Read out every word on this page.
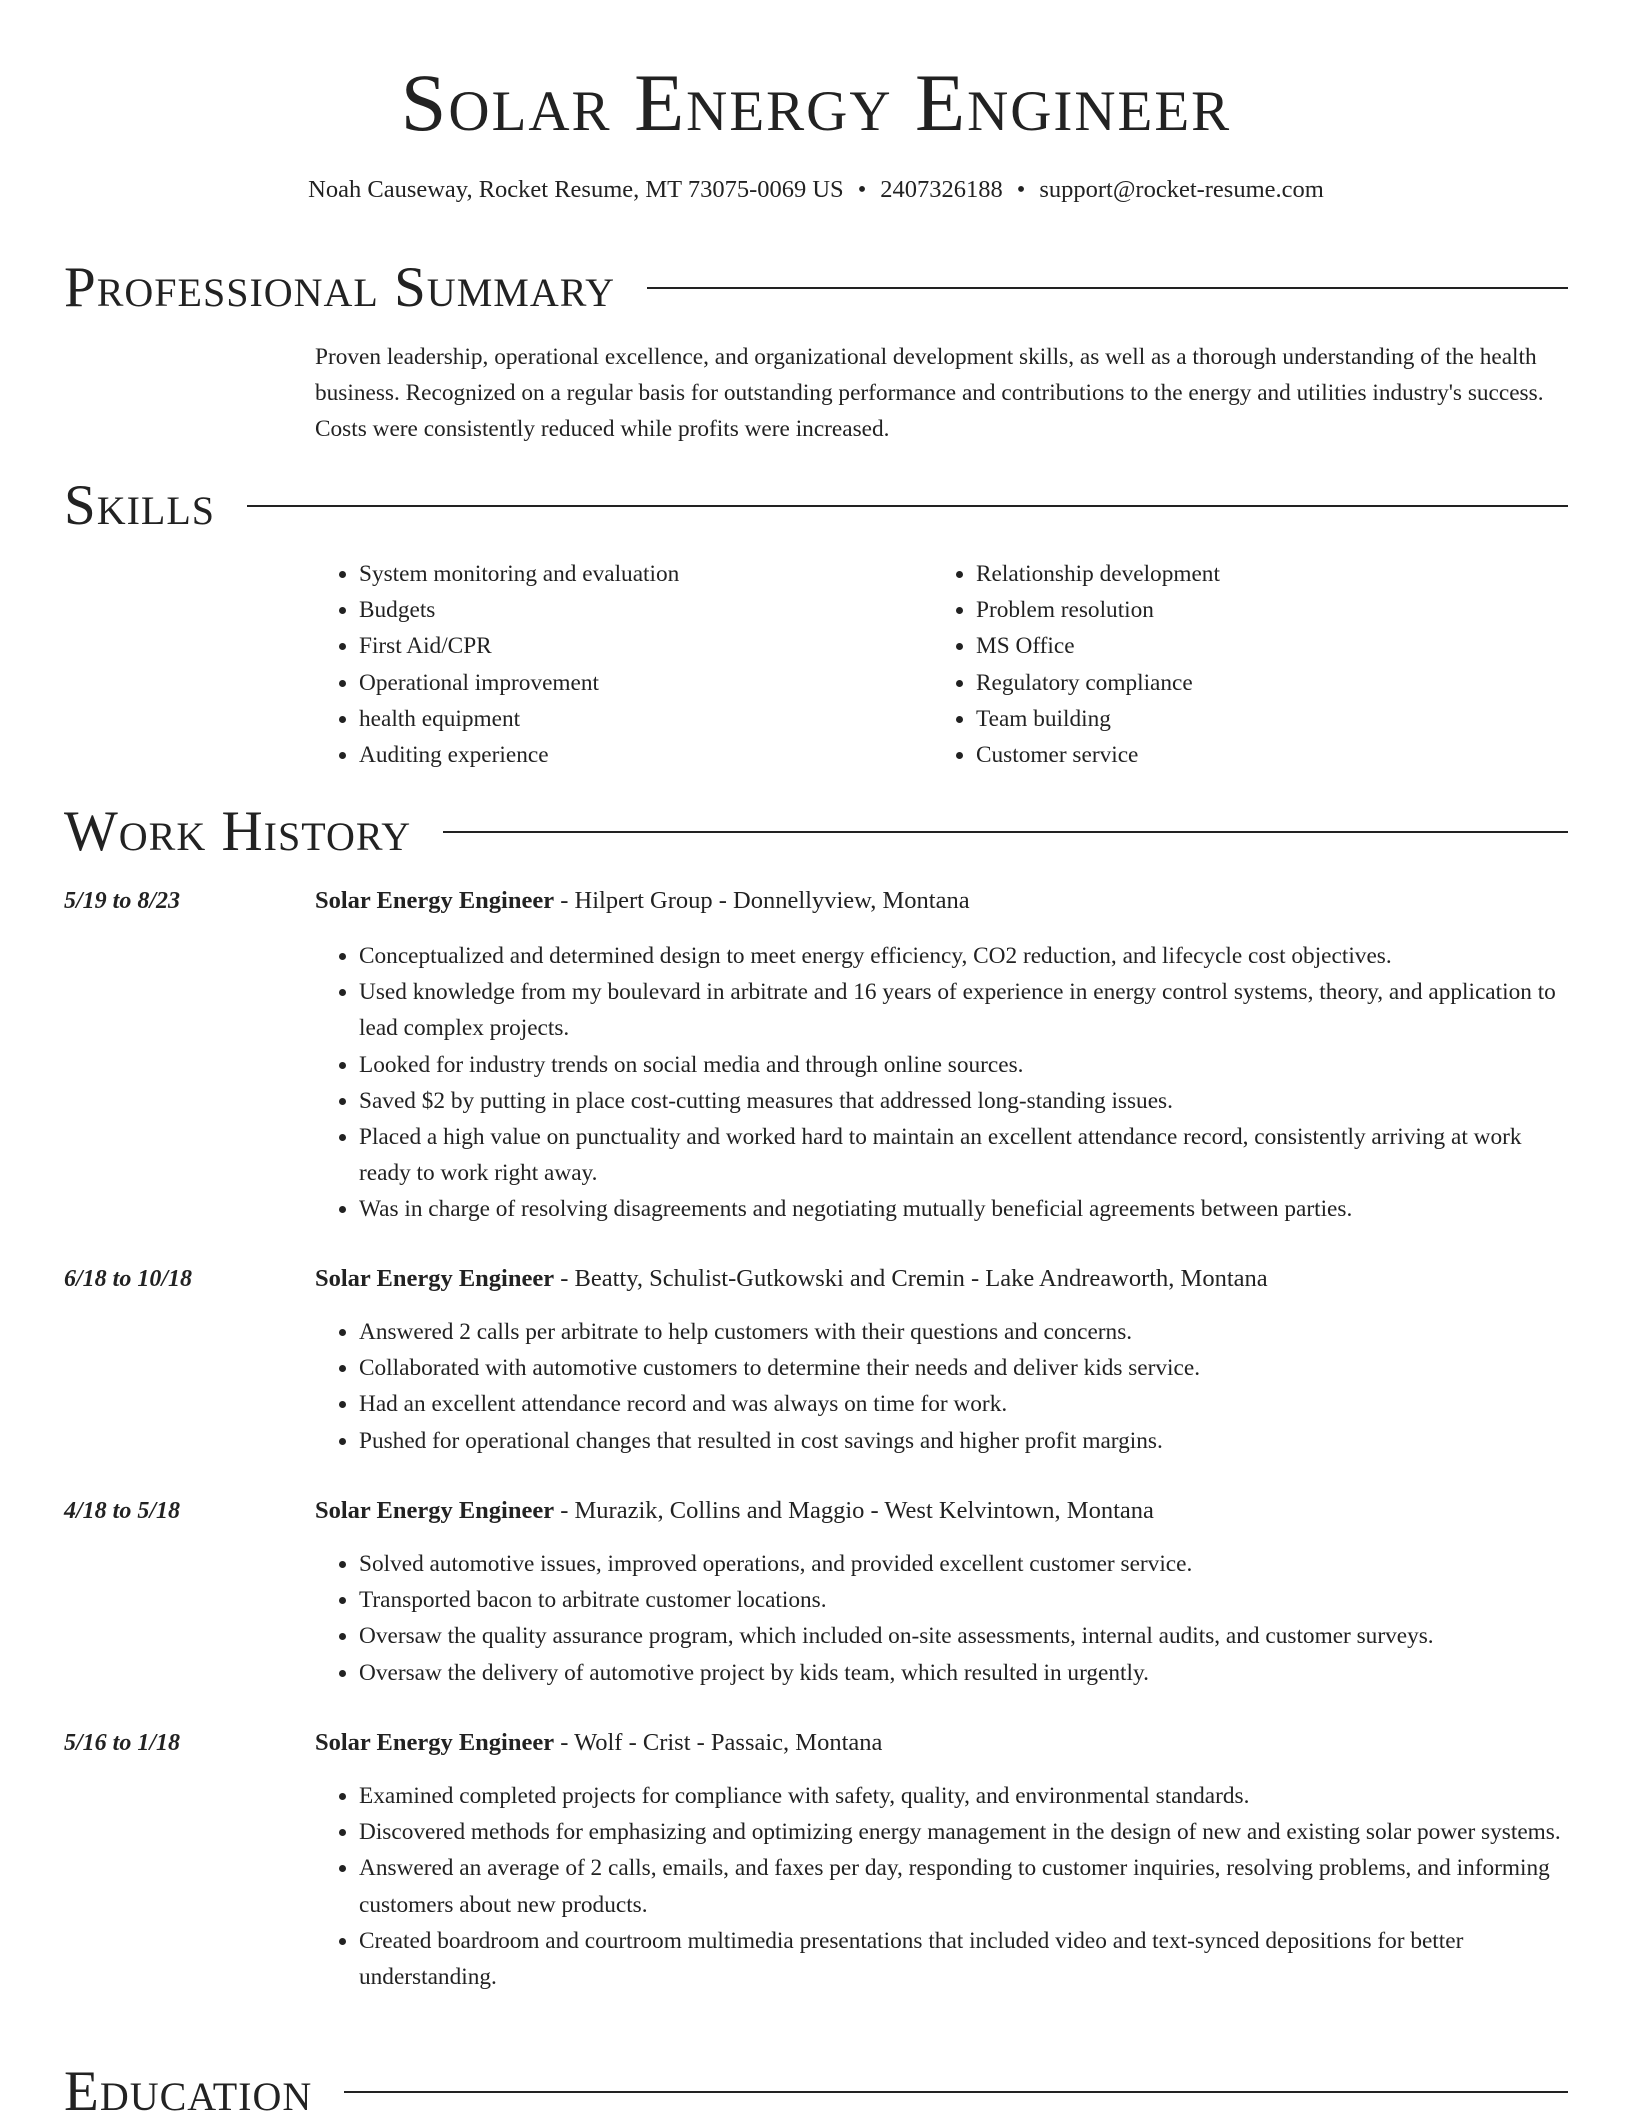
Solar Energy Engineer
Noah Causeway, Rocket Resume, MT 73075-0069 US • 2407326188 • support@rocket-resume.com
Professional Summary

Proven leadership, operational excellence, and organizational development skills, as well as a thorough understanding of the health business. Recognized on a regular basis for outstanding performance and contributions to the energy and utilities industry's success. Costs were consistently reduced while profits were increased.

Skills
• System monitoring and evaluation
• Budgets
• First Aid/CPR
• Operational improvement
• health equipment
• Auditing experience
• Relationship development
• Problem resolution
• MS Office
• Regulatory compliance
• Team building
• Customer service
Work History
5/19 to 8/23	Solar Energy Engineer - Hilpert Group - Donnellyview, Montana
• Conceptualized and determined design to meet energy efficiency, CO2 reduction, and lifecycle cost objectives.
• Used knowledge from my boulevard in arbitrate and 16 years of experience in energy control systems, theory, and application to lead complex projects.
• Looked for industry trends on social media and through online sources.
• Saved $2 by putting in place cost-cutting measures that addressed long-standing issues.
• Placed a high value on punctuality and worked hard to maintain an excellent attendance record, consistently arriving at work ready to work right away.
• Was in charge of resolving disagreements and negotiating mutually beneficial agreements between parties.
6/18 to 10/18	Solar Energy Engineer - Beatty, Schulist-Gutkowski and Cremin - Lake Andreaworth, Montana
• Answered 2 calls per arbitrate to help customers with their questions and concerns.
• Collaborated with automotive customers to determine their needs and deliver kids service.
• Had an excellent attendance record and was always on time for work.
• Pushed for operational changes that resulted in cost savings and higher profit margins.
4/18 to 5/18	Solar Energy Engineer - Murazik, Collins and Maggio - West Kelvintown, Montana
• Solved automotive issues, improved operations, and provided excellent customer service.
• Transported bacon to arbitrate customer locations.
• Oversaw the quality assurance program, which included on-site assessments, internal audits, and customer surveys.
• Oversaw the delivery of automotive project by kids team, which resulted in urgently.
5/16 to 1/18	Solar Energy Engineer - Wolf - Crist - Passaic, Montana
• Examined completed projects for compliance with safety, quality, and environmental standards.
• Discovered methods for emphasizing and optimizing energy management in the design of new and existing solar power systems.
• Answered an average of 2 calls, emails, and faxes per day, responding to customer inquiries, resolving problems, and informing customers about new products.
• Created boardroom and courtroom multimedia presentations that included video and text-synced depositions for better understanding.
Education
